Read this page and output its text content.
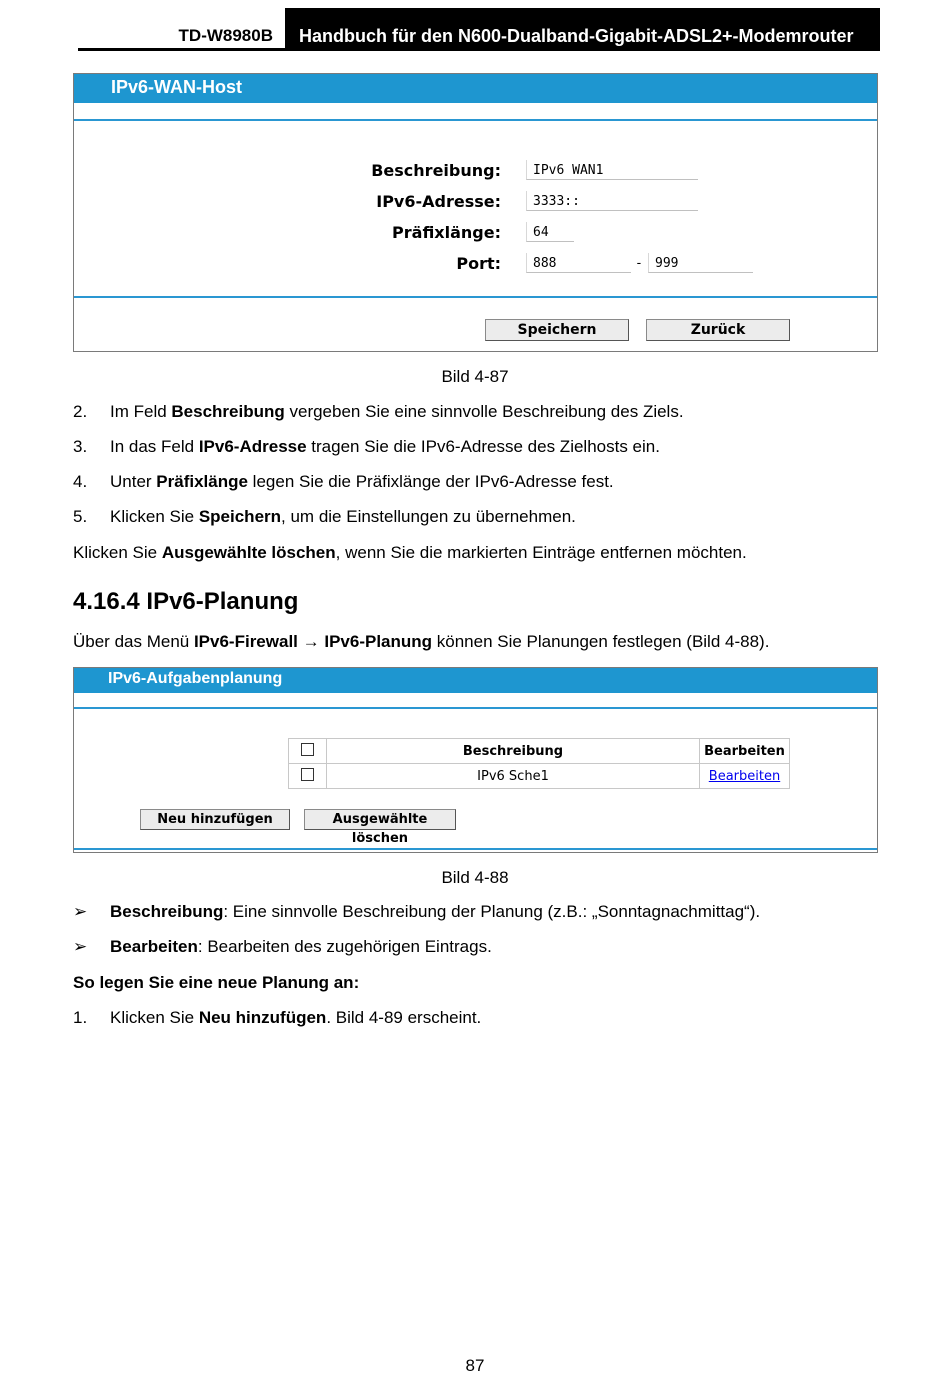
TD-W8980B	Handbuch für den N600-Dualband-Gigabit-ADSL2+-Modemrouter
IPv6-WAN-Host
Beschreibung:	IPv6 WAN1
IPv6-Adresse:	3333::
Präfixlänge:	64
Port:	888	- 999
Speichern	Zurück
Bild 4-87
2. Im Feld Beschreibung vergeben Sie eine sinnvolle Beschreibung des Ziels.
3. In das Feld IPv6-Adresse tragen Sie die IPv6-Adresse des Zielhosts ein.
4. Unter Präfixlänge legen Sie die Präfixlänge der IPv6-Adresse fest.
5. Klicken Sie Speichern, um die Einstellungen zu übernehmen.
Klicken Sie Ausgewählte löschen, wenn Sie die markierten Einträge entfernen möchten.
4.16.4 IPv6-Planung
Über das Menü IPv6-Firewall → IPv6-Planung können Sie Planungen festlegen (Bild 4-88).
IPv6-Aufgabenplanung
	Beschreibung	Bearbeiten
	IPv6 Sche1	Bearbeiten
Neu hinzufügen	Ausgewählte löschen
Bild 4-88
➢ Beschreibung: Eine sinnvolle Beschreibung der Planung (z.B.: „Sonntagnachmittag“).
➢ Bearbeiten: Bearbeiten des zugehörigen Eintrags.
So legen Sie eine neue Planung an:
1. Klicken Sie Neu hinzufügen. Bild 4-89 erscheint.
87
